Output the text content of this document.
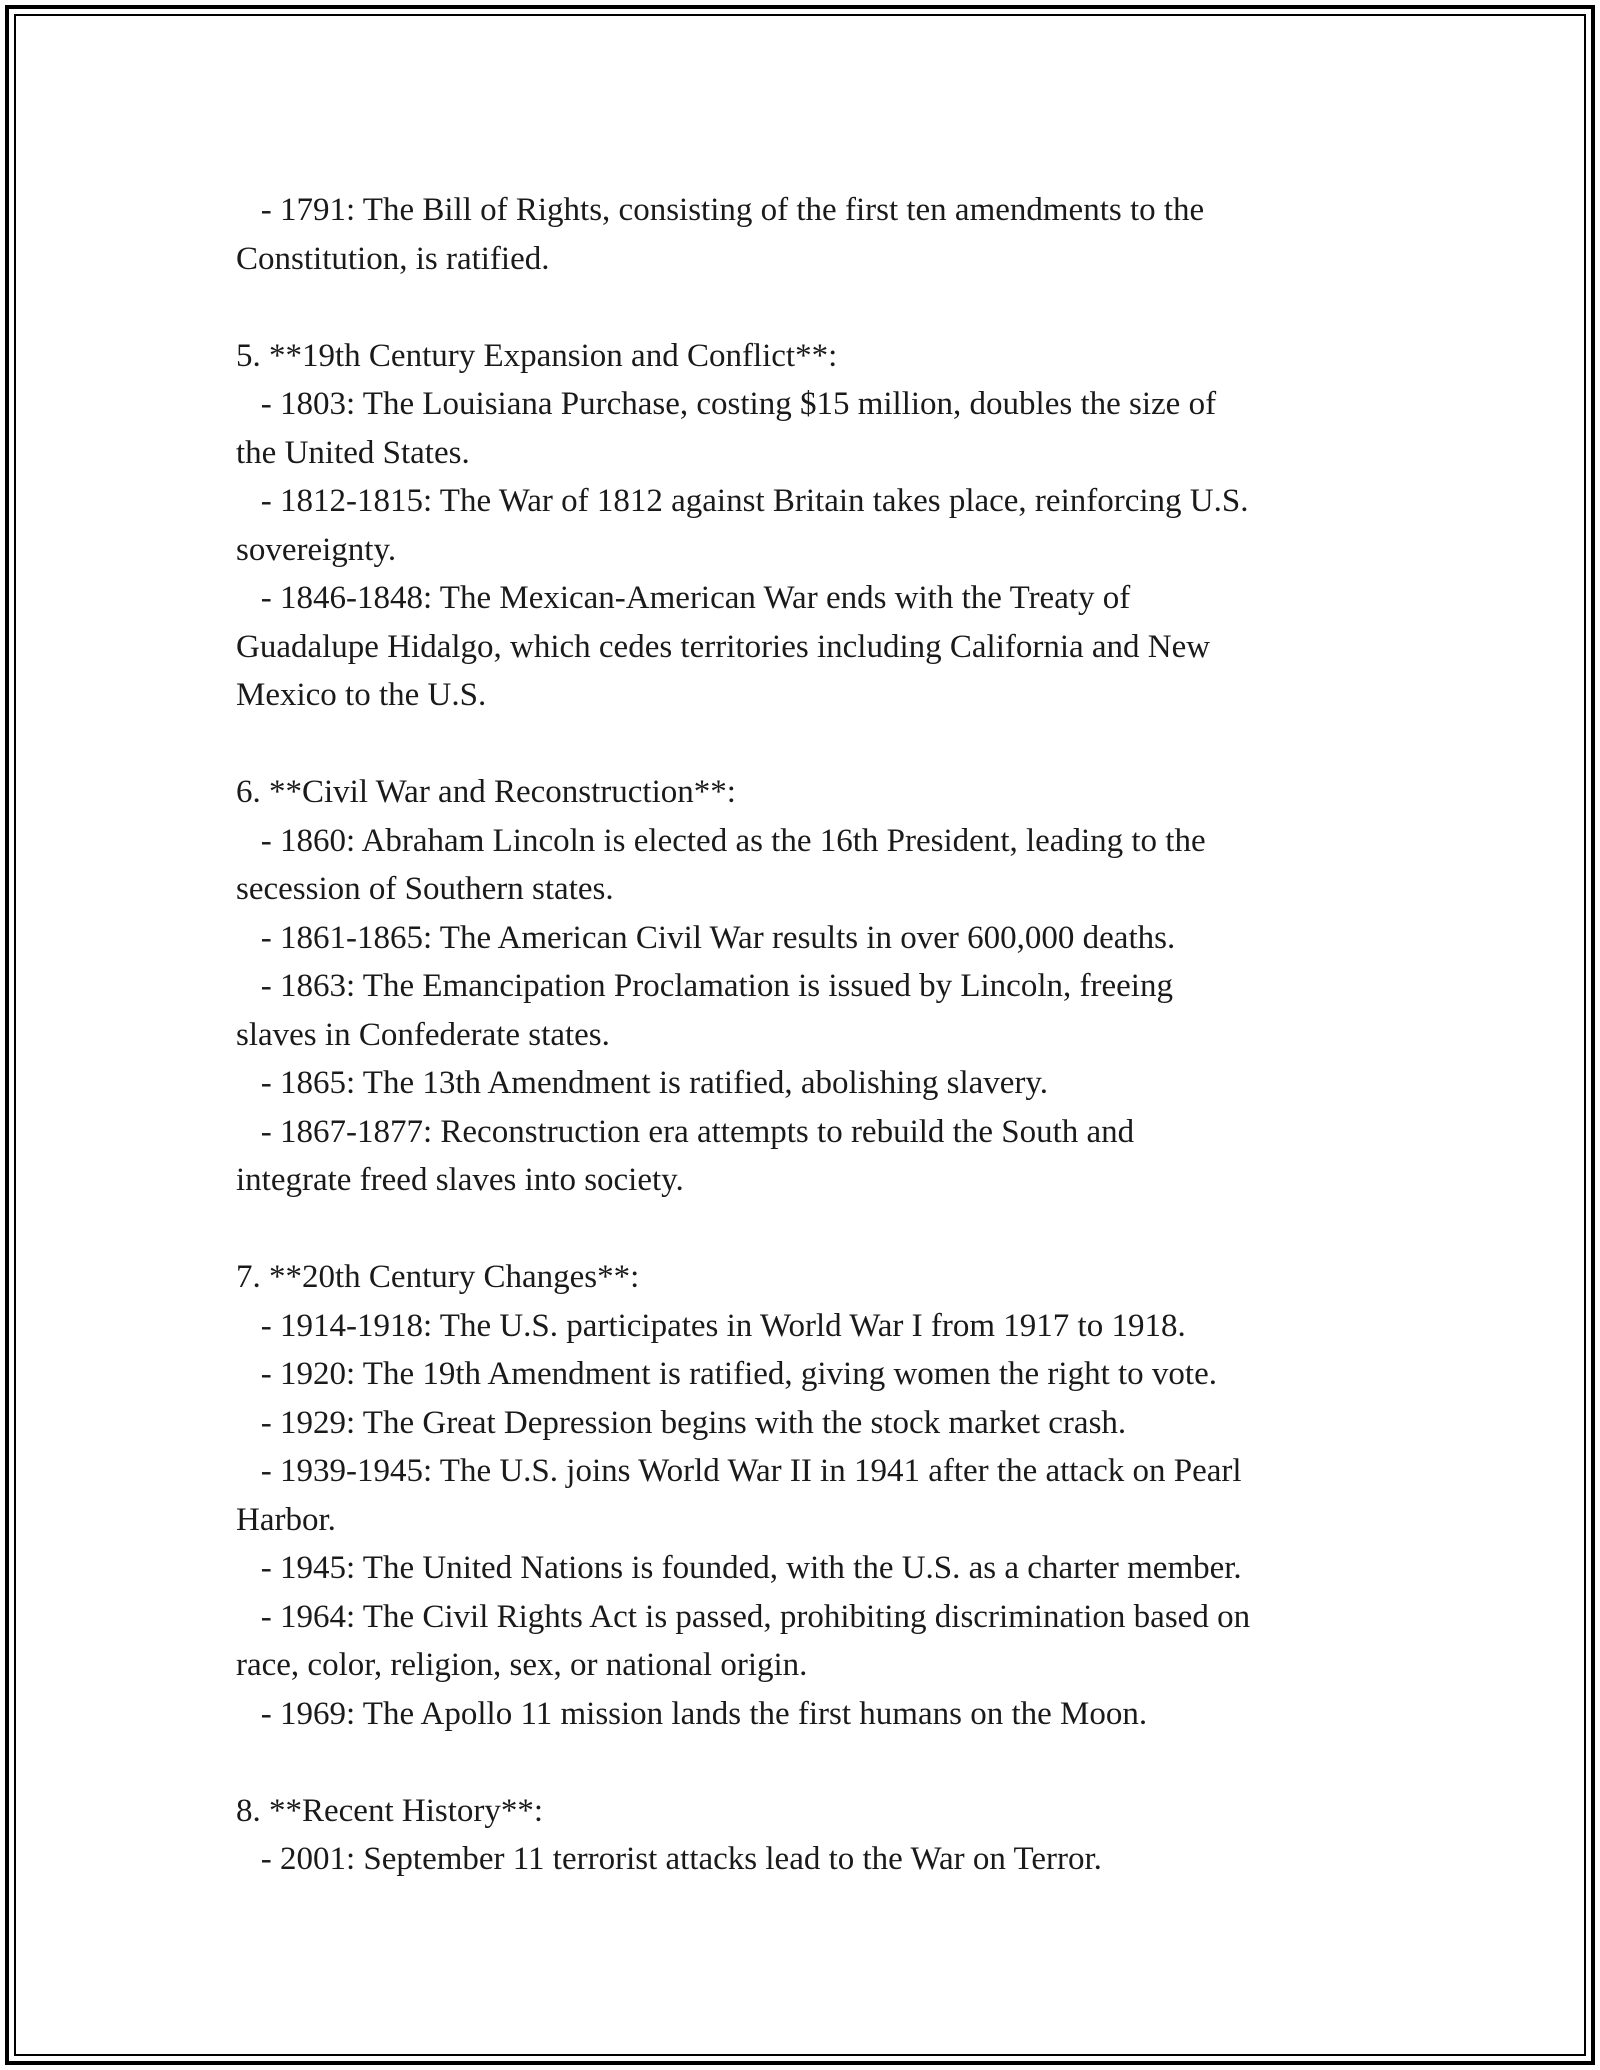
- 1791: The Bill of Rights, consisting of the first ten amendments to the
Constitution, is ratified.
5. **19th Century Expansion and Conflict**:
- 1803: The Louisiana Purchase, costing $15 million, doubles the size of
the United States.
- 1812-1815: The War of 1812 against Britain takes place, reinforcing U.S.
sovereignty.
- 1846-1848: The Mexican-American War ends with the Treaty of
Guadalupe Hidalgo, which cedes territories including California and New
Mexico to the U.S.
6. **Civil War and Reconstruction**:
- 1860: Abraham Lincoln is elected as the 16th President, leading to the
secession of Southern states.
- 1861-1865: The American Civil War results in over 600,000 deaths.
- 1863: The Emancipation Proclamation is issued by Lincoln, freeing
slaves in Confederate states.
- 1865: The 13th Amendment is ratified, abolishing slavery.
- 1867-1877: Reconstruction era attempts to rebuild the South and
integrate freed slaves into society.
7. **20th Century Changes**:
- 1914-1918: The U.S. participates in World War I from 1917 to 1918.
- 1920: The 19th Amendment is ratified, giving women the right to vote.
- 1929: The Great Depression begins with the stock market crash.
- 1939-1945: The U.S. joins World War II in 1941 after the attack on Pearl
Harbor.
- 1945: The United Nations is founded, with the U.S. as a charter member.
- 1964: The Civil Rights Act is passed, prohibiting discrimination based on
race, color, religion, sex, or national origin.
- 1969: The Apollo 11 mission lands the first humans on the Moon.
8. **Recent History**:
- 2001: September 11 terrorist attacks lead to the War on Terror.
